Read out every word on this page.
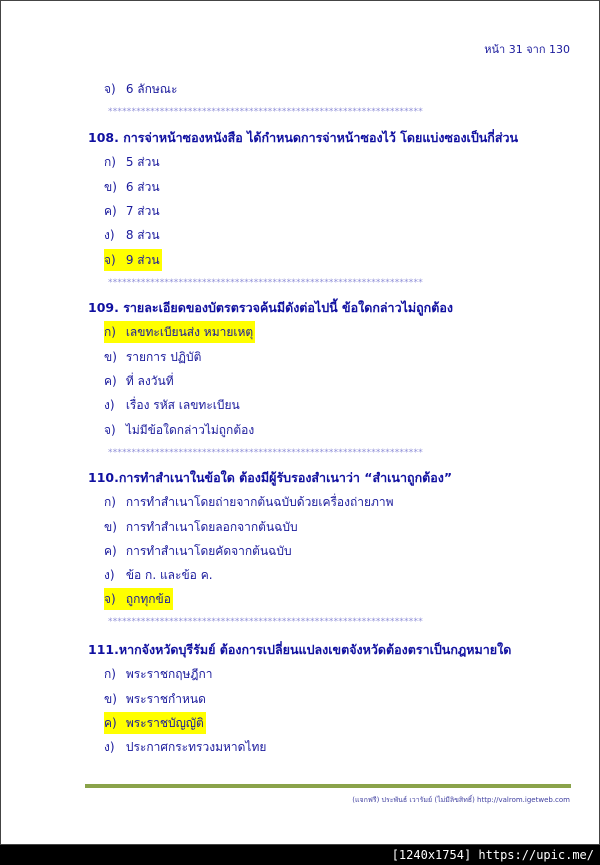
หน้า 31 จาก 130
จ) 6 ลักษณะ
*******************************************************************
108. การจ่าหน้าซองหนังสือ ได้กำหนดการจ่าหน้าซองไว้ โดยแบ่งซองเป็นกี่ส่วน
ก) 5 ส่วน
ข) 6 ส่วน
ค) 7 ส่วน
ง) 8 ส่วน
จ) 9 ส่วน
*******************************************************************
109. รายละเอียดของบัตรตรวจค้นมีดังต่อไปนี้ ข้อใดกล่าวไม่ถูกต้อง
ก) เลขทะเบียนส่ง หมายเหตุ
ข) รายการ ปฏิบัติ
ค) ที่ ลงวันที่
ง) เรื่อง รหัส เลขทะเบียน
จ) ไม่มีข้อใดกล่าวไม่ถูกต้อง
*******************************************************************
110.การทำสำเนาในข้อใด ต้องมีผู้รับรองสำเนาว่า “สำเนาถูกต้อง”
ก) การทำสำเนาโดยถ่ายจากต้นฉบับด้วยเครื่องถ่ายภาพ
ข) การทำสำเนาโดยลอกจากต้นฉบับ
ค) การทำสำเนาโดยคัดจากต้นฉบับ
ง) ข้อ ก. และข้อ ค.
จ) ถูกทุกข้อ
*******************************************************************
111.หากจังหวัดบุรีรัมย์ ต้องการเปลี่ยนแปลงเขตจังหวัดต้องตราเป็นกฎหมายใด
ก) พระราชกฤษฎีกา
ข) พระราชกำหนด
ค) พระราชบัญญัติ
ง) ประกาศกระทรวงมหาดไทย
(แจกฟรี) ประพันธ์ เวารัมย์ (ไม่มีลิขสิทธิ์) http://valrom.igetweb.com
[1240x1754] https://upic.me/
